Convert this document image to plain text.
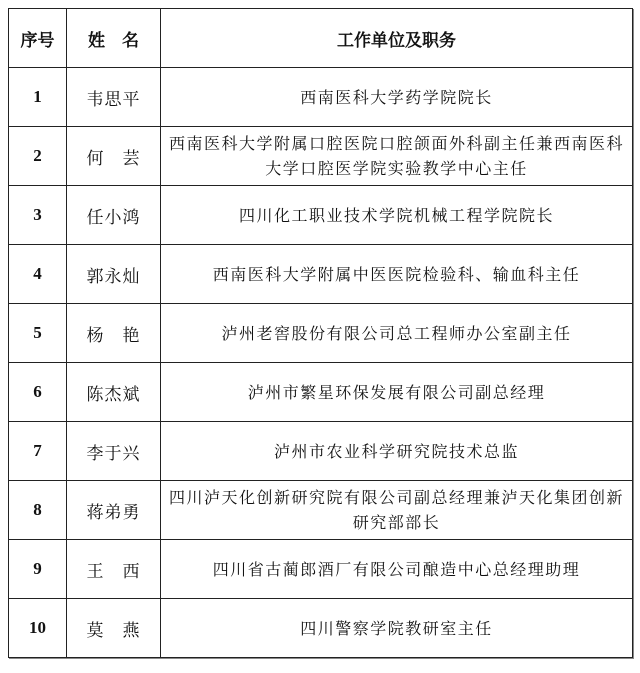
序号	姓　名	工作单位及职务
1	韦思平	西南医科大学药学院院长
2	何　芸	西南医科大学附属口腔医院口腔颌面外科副主任兼西南医科大学口腔医学院实验教学中心主任
3	任小鸿	四川化工职业技术学院机械工程学院院长
4	郭永灿	西南医科大学附属中医医院检验科、输血科主任
5	杨　艳	泸州老窖股份有限公司总工程师办公室副主任
6	陈杰斌	泸州市繁星环保发展有限公司副总经理
7	李于兴	泸州市农业科学研究院技术总监
8	蒋弟勇	四川泸天化创新研究院有限公司副总经理兼泸天化集团创新研究部部长
9	王　西	四川省古蔺郎酒厂有限公司酿造中心总经理助理
10	莫　燕	四川警察学院教研室主任
